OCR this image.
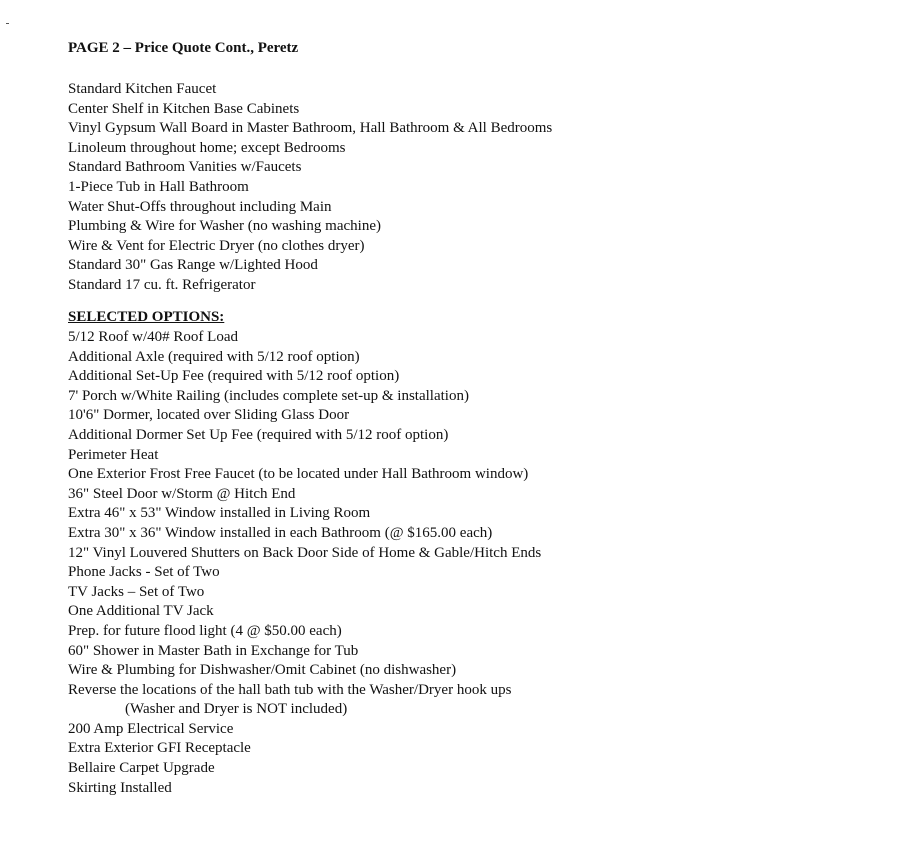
PAGE 2 – Price Quote Cont., Peretz
Standard Kitchen Faucet
Center Shelf in Kitchen Base Cabinets
Vinyl Gypsum Wall Board in Master Bathroom, Hall Bathroom & All Bedrooms
Linoleum throughout home; except Bedrooms
Standard Bathroom Vanities w/Faucets
1-Piece Tub in Hall Bathroom
Water Shut-Offs throughout including Main
Plumbing & Wire for Washer (no washing machine)
Wire & Vent for Electric Dryer (no clothes dryer)
Standard 30" Gas Range w/Lighted Hood
Standard 17 cu. ft. Refrigerator
SELECTED OPTIONS:
5/12 Roof w/40# Roof Load
Additional Axle (required with 5/12 roof option)
Additional Set-Up Fee (required with 5/12 roof option)
7' Porch w/White Railing (includes complete set-up & installation)
10'6" Dormer, located over Sliding Glass Door
Additional Dormer Set Up Fee (required with 5/12 roof option)
Perimeter Heat
One Exterior Frost Free Faucet (to be located under Hall Bathroom window)
36" Steel Door w/Storm @ Hitch End
Extra 46" x 53" Window installed in Living Room
Extra 30" x 36" Window installed in each Bathroom (@ $165.00 each)
12" Vinyl Louvered Shutters on Back Door Side of Home & Gable/Hitch Ends
Phone Jacks - Set of Two
TV Jacks – Set of Two
One Additional TV Jack
Prep. for future flood light (4 @ $50.00 each)
60" Shower in Master Bath in Exchange for Tub
Wire & Plumbing for Dishwasher/Omit Cabinet (no dishwasher)
Reverse the locations of the hall bath tub with the Washer/Dryer hook ups
(Washer and Dryer is NOT included)
200 Amp Electrical Service
Extra Exterior GFI Receptacle
Bellaire Carpet Upgrade
Skirting Installed
